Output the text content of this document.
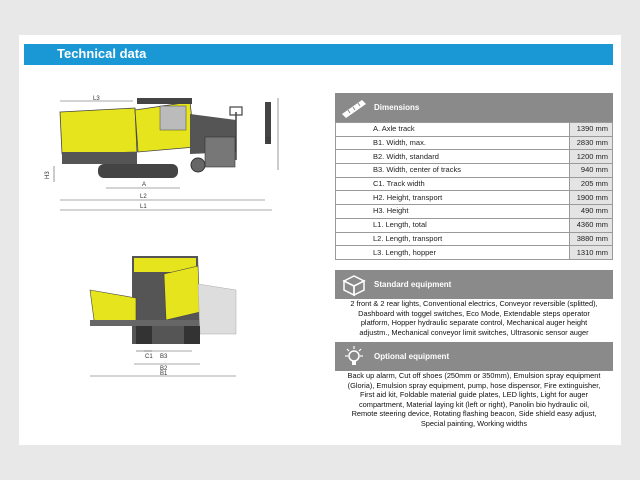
Technical data
L3
H2
H3
A
L2
L1
C1 B3
B2
B1
Dimensions
A. Axle track	1390 mm
B1. Width, max.	2830 mm
B2. Width, standard	1200 mm
B3. Width, center of tracks	940 mm
C1. Track width	205 mm
H2. Height, transport	1900 mm
H3. Height	490 mm
L1. Length, total	4360 mm
L2. Length, transport	3880 mm
L3. Length, hopper	1310 mm
Standard equipment
2 front & 2 rear lights, Conventional electrics, Conveyor reversible (splitted),
Dashboard with toggel switches, Eco Mode, Extendable steps operator
platform, Hopper hydraulic separate control, Mechanical auger height
adjustm., Mechanical conveyor limit switches, Ultrasonic sensor auger
Optional equipment
Back up alarm, Cut off shoes (250mm or 350mm), Emulsion spray equipment
(Gloria), Emulsion spray equipment, pump, hose dispensor, Fire extinguisher,
First aid kit, Foldable material guide plates, LED lights, Light for auger
compartment, Material laying kit (left or right), Panolin bio hydraulic oil,
Remote steering device, Rotating flashing beacon, Side shield easy adjust,
Special painting, Working widths
